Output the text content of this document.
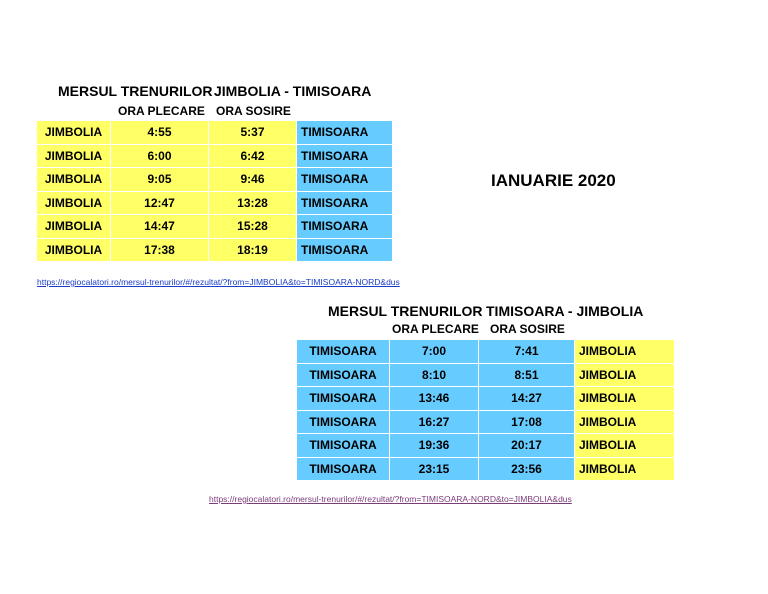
MERSUL TRENURILOR JIMBOLIA - TIMISOARA
ORA PLECARE ORA SOSIRE
JIMBOLIA	4:55	5:37	TIMISOARA
JIMBOLIA	6:00	6:42	TIMISOARA
JIMBOLIA	9:05	9:46	TIMISOARA
JIMBOLIA	12:47	13:28	TIMISOARA
JIMBOLIA	14:47	15:28	TIMISOARA
JIMBOLIA	17:38	18:19	TIMISOARA
IANUARIE 2020
https://regiocalatori.ro/mersul-trenurilor/#/rezultat/?from=JIMBOLIA&to=TIMISOARA-NORD&dus
MERSUL TRENURILOR TIMISOARA - JIMBOLIA
ORA PLECARE ORA SOSIRE
TIMISOARA	7:00	7:41	JIMBOLIA
TIMISOARA	8:10	8:51	JIMBOLIA
TIMISOARA	13:46	14:27	JIMBOLIA
TIMISOARA	16:27	17:08	JIMBOLIA
TIMISOARA	19:36	20:17	JIMBOLIA
TIMISOARA	23:15	23:56	JIMBOLIA
https://regiocalatori.ro/mersul-trenurilor/#/rezultat/?from=TIMISOARA-NORD&to=JIMBOLIA&dus
